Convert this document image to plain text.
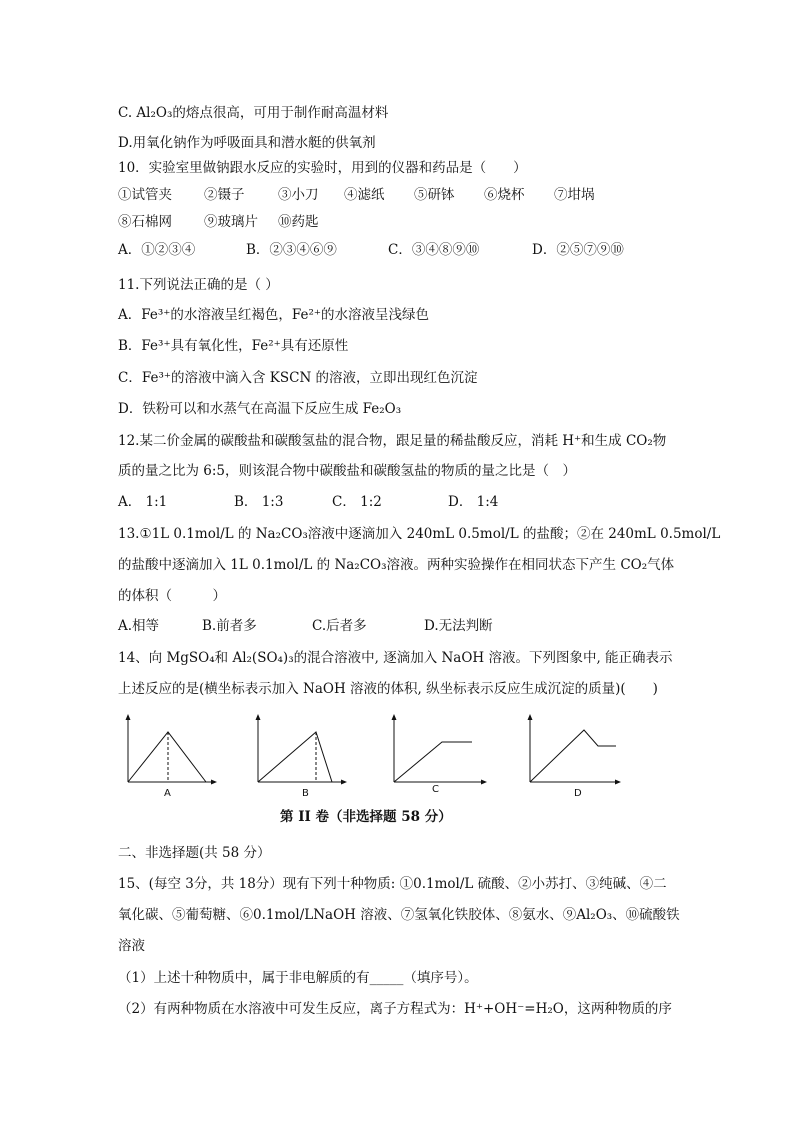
C. Al₂O₃的熔点很高，可用于制作耐高温材料
D.用氧化钠作为呼吸面具和潜水艇的供氧剂
10．实验室里做钠跟水反应的实验时，用到的仪器和药品是（　　）
①试管夹 ②镊子 ③小刀 ④滤纸 ⑤研钵 ⑥烧杯 ⑦坩埚
⑧石棉网 ⑨玻璃片 ⑩药匙
A．①②③④	B．②③④⑥⑨	C．③④⑧⑨⑩	D．②⑤⑦⑨⑩
11.下列说法正确的是（ ）
A．Fe³⁺的水溶液呈红褐色，Fe²⁺的水溶液呈浅绿色
B．Fe³⁺具有氧化性，Fe²⁺具有还原性
C．Fe³⁺的溶液中滴入含 KSCN 的溶液，立即出现红色沉淀
D．铁粉可以和水蒸气在高温下反应生成 Fe₂O₃
12.某二价金属的碳酸盐和碳酸氢盐的混合物，跟足量的稀盐酸反应，消耗 H⁺和生成 CO₂物
质的量之比为 6:5，则该混合物中碳酸盐和碳酸氢盐的物质的量之比是（　）
A． 1:1	B． 1:3	C． 1:2	D． 1:4
13.①1L 0.1mol/L 的 Na₂CO₃溶液中逐滴加入 240mL 0.5mol/L 的盐酸；②在 240mL 0.5mol/L
的盐酸中逐滴加入 1L 0.1mol/L 的 Na₂CO₃溶液。两种实验操作在相同状态下产生 CO₂气体
的体积（　　　）
A.相等	B.前者多	C.后者多	D.无法判断
14、向 MgSO₄和 Al₂(SO₄)₃的混合溶液中, 逐滴加入 NaOH 溶液。下列图象中, 能正确表示
上述反应的是(横坐标表示加入 NaOH 溶液的体积, 纵坐标表示反应生成沉淀的质量)(　　)
A	B	C	D
第 II 卷（非选择题 58 分）
二、非选择题(共 58 分）
15、(每空 3分，共 18分）现有下列十种物质: ①0.1mol/L 硫酸、②小苏打、③纯碱、④二
氧化碳、⑤葡萄糖、⑥0.1mol/LNaOH 溶液、⑦氢氧化铁胶体、⑧氨水、⑨Al₂O₃、⑩硫酸铁
溶液
（1）上述十种物质中，属于非电解质的有_____（填序号）。
（2）有两种物质在水溶液中可发生反应，离子方程式为：H⁺+OH⁻=H₂O，这两种物质的序
